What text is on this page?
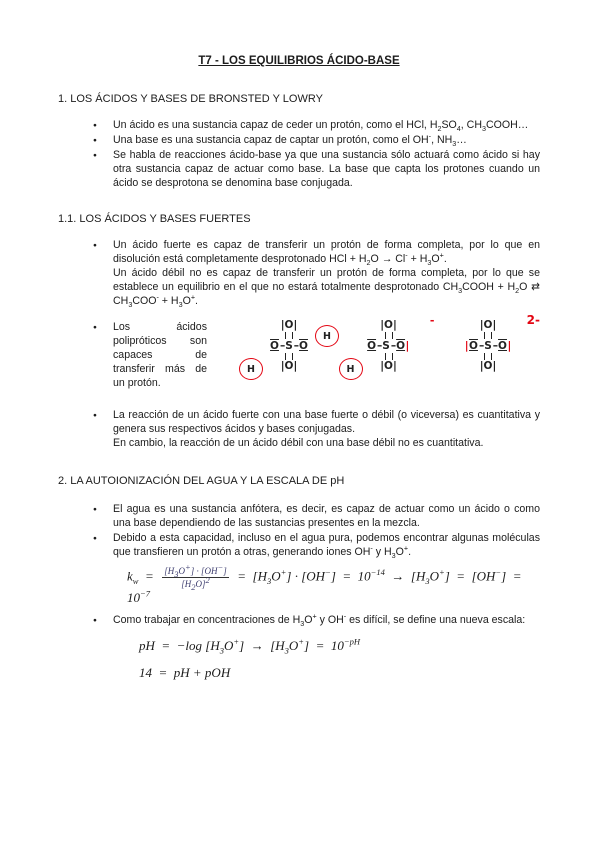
T7 - LOS EQUILIBRIOS ÁCIDO-BASE
1. LOS ÁCIDOS Y BASES DE BRONSTED Y LOWRY
● Un ácido es una sustancia capaz de ceder un protón, como el HCl, $H_2SO_4$, $CH_3COOH\dots$
● Una base es una sustancia capaz de captar un protón, como el OH-, $NH_3\dots$
● Se habla de reacciones ácido-base ya que una sustancia sólo actuará como ácido si hay otra sustancia capaz de actuar como base. La base que capta los protones cuando un ácido se desprotona se denomina base conjugada.
1.1. LOS ÁCIDOS Y BASES FUERTES

● Un ácido fuerte es capaz de transferir un protón de forma completa, por lo que en disolución está completamente desprotonado HCl + $H_2O \to Cl^- + H_3O^+$.

Un ácido débil no es capaz de transferir un protón de forma completa, por lo que se establece un equilibrio en el que no estará totalmente desprotonado $CH_3COOH + H_2O$ ⇄ $CH_3COO^- + H_3O^+$.

● Los ácidos polipróticos son capaces de transferir más de un protón.
|O|
O – S – O
|O|
H
H
|O|
O – S – O |
|O|
H
-	|O|
| O – S – O |
|O|
2-

● La reacción de un ácido fuerte con una base fuerte o débil (o viceversa) es cuantitativa y genera sus respectivos ácidos y bases conjugadas.

En cambio, la reacción de un ácido débil con una base débil no es cuantitativa.

2. LA AUTOIONIZACIÓN DEL AGUA Y LA ESCALA DE pH
● El agua es una sustancia anfótera, es decir, es capaz de actuar como un ácido o como una base dependiendo de las sustancias presentes en la mezcla.

● Debido a esta capacidad, incluso en el agua pura, podemos encontrar algunas moléculas que transfieren un protón a otras, generando iones OH- y $H_3O^+$.

$k_w = \frac{[H_3O^+] \cdot [OH^-]}{[H_2O]^2} = [H_3O^+] \cdot [OH^-] = 10^{-14} \to [H_3O^+] = [OH^-] = 10^{-7}$

● Como trabajar en concentraciones de $H_3O^+$ y OH- es difícil, se define una nueva escala:

pH  =  −log $[H_3O^+] \to [H_3O^+] = 10^{-pH}$
14  =  pH + pOH
